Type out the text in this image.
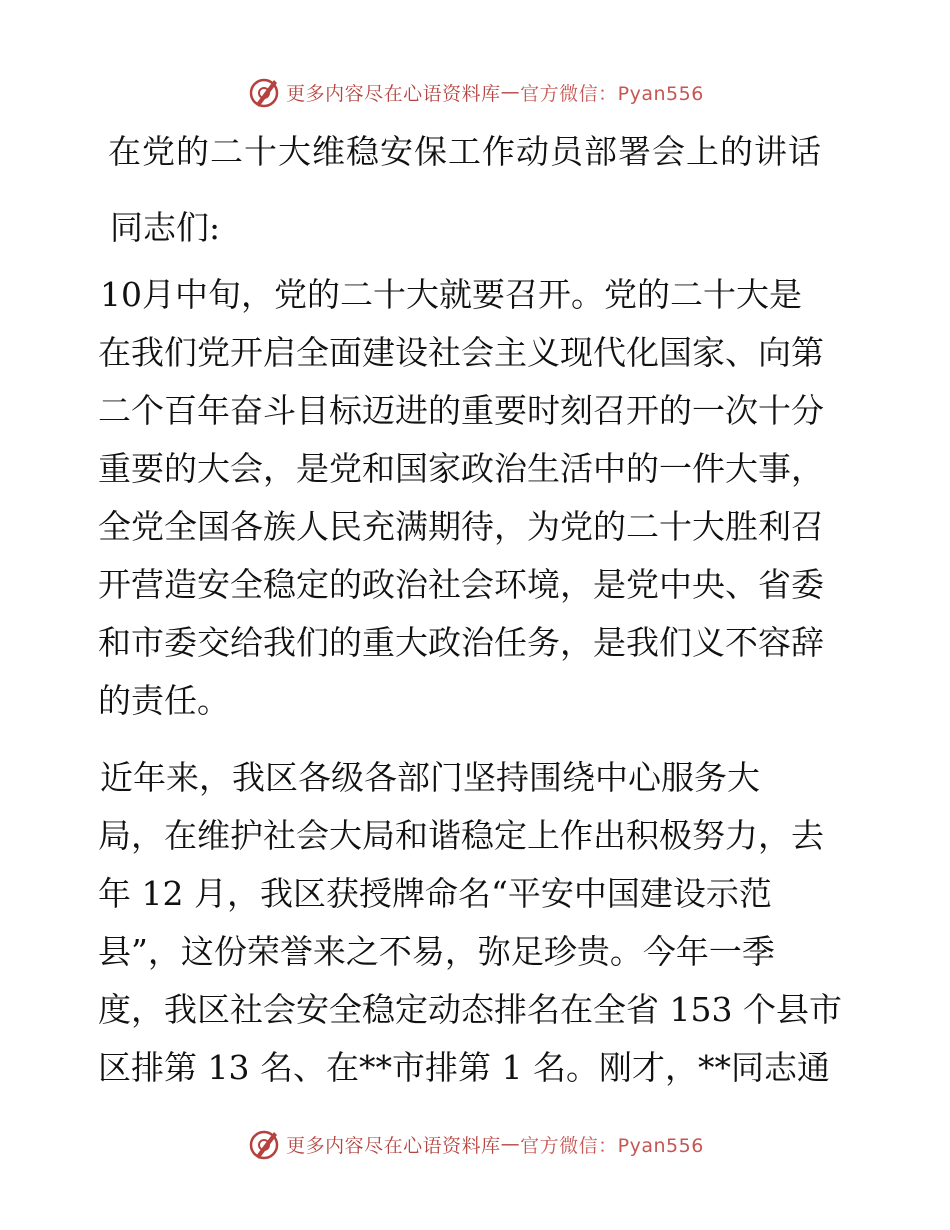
更多内容尽在心语资料库 — 官方微信：Pyan556
在党的二十大维稳安保工作动员部署会上的讲话
同志们:
10月中旬，党的二十大就要召开。党的二十大是
在我们党开启全面建设社会主义现代化国家、向第
二个百年奋斗目标迈进的重要时刻召开的一次十分
重要的大会，是党和国家政治生活中的一件大事，
全党全国各族人民充满期待，为党的二十大胜利召
开营造安全稳定的政治社会环境，是党中央、省委
和市委交给我们的重大政治任务，是我们义不容辞
的责任。
近年来，我区各级各部门坚持围绕中心服务大
局，在维护社会大局和谐稳定上作出积极努力，去
年 12 月，我区获授牌命名“平安中国建设示范
县”，这份荣誉来之不易，弥足珍贵。今年一季
度，我区社会安全稳定动态排名在全省 153 个县市
区排第 13 名、在**市排第 1 名。刚才，**同志通
更多内容尽在心语资料库 — 官方微信：Pyan556
